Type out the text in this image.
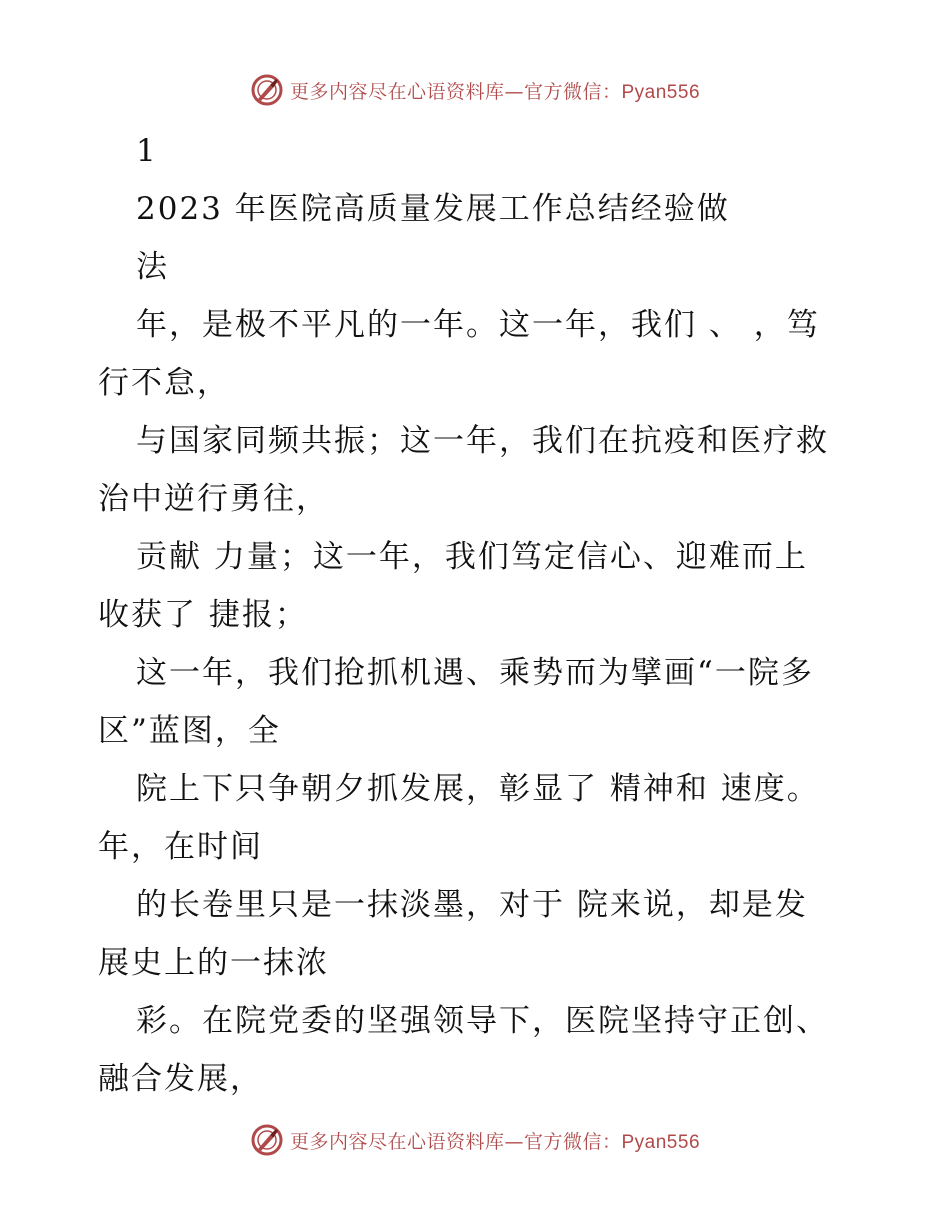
更多内容尽在心语资料库—官方微信：Pyan556
1
2023 年医院高质量发展工作总结经验做
法
年，是极不平凡的一年。这一年，我们 、 ，笃
行不怠，
与国家同频共振；这一年，我们在抗疫和医疗救
治中逆行勇往，
贡献 力量；这一年，我们笃定信心、迎难而上
收获了 捷报；
这一年，我们抢抓机遇、乘势而为擘画“一院多
区”蓝图，全
院上下只争朝夕抓发展，彰显了 精神和 速度。
年，在时间
的长卷里只是一抹淡墨，对于 院来说，却是发
展史上的一抹浓
彩。在院党委的坚强领导下，医院坚持守正创、
融合发展，
更多内容尽在心语资料库—官方微信：Pyan556
